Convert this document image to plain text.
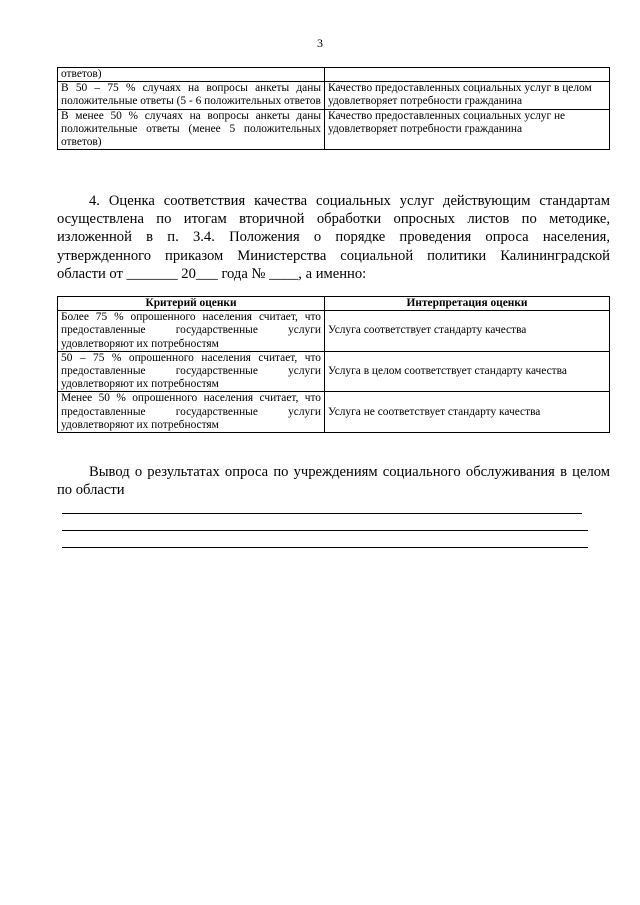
3
ответов)	
В 50 – 75 % случаях на вопросы анкеты даны положительные ответы (5 - 6 положительных ответов	Качество предоставленных социальных услуг в целом удовлетворяет потребности гражданина
В менее 50 % случаях на вопросы анкеты даны положительные ответы (менее 5 положительных ответов)	Качество предоставленных социальных услуг не удовлетворяет потребности гражданина
4. Оценка соответствия качества социальных услуг действующим стандартам осуществлена по итогам вторичной обработки опросных листов по методике, изложенной в п. 3.4. Положения о порядке проведения опроса населения, утвержденного приказом Министерства социальной политики Калининградской области от _______ 20___ года № ____, а именно:
Критерий оценки	Интерпретация оценки
Более 75 % опрошенного населения считает, что предоставленные государственные услуги удовлетворяют их потребностям	Услуга соответствует стандарту качества
50 – 75 % опрошенного населения считает, что предоставленные государственные услуги удовлетворяют их потребностям	Услуга в целом соответствует стандарту качества
Менее 50 % опрошенного населения считает, что предоставленные государственные услуги удовлетворяют их потребностям	Услуга не соответствует стандарту качества
Вывод о результатах опроса по учреждениям социального обслуживания в целом по области
